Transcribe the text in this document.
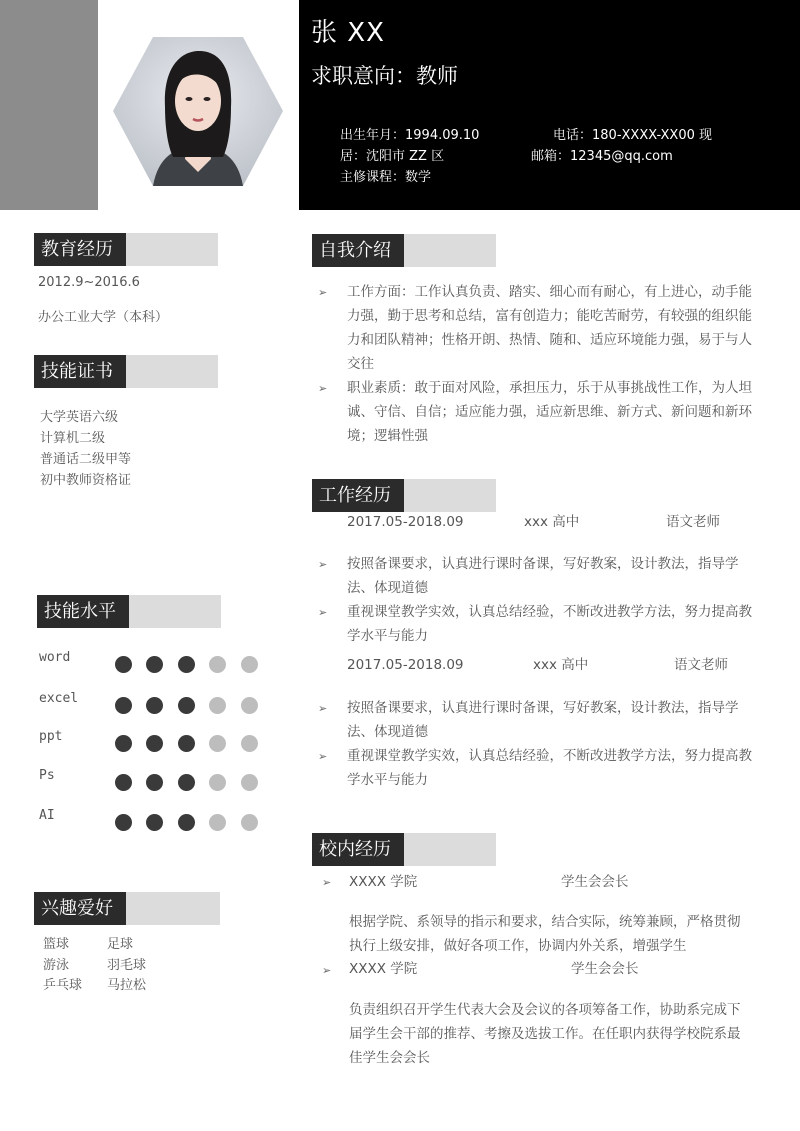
张 XX
求职意向：教师
出生年月：1994.09.10	电话：180-XXXX-XX00 现
居：沈阳市 ZZ 区	邮箱：12345@qq.com
主修课程：数学
教育经历
2012.9~2016.6
办公工业大学（本科）
技能证书
大学英语六级
计算机二级
普通话二级甲等
初中教师资格证
技能水平
word
excel
ppt
Ps
AI
兴趣爱好
篮球	足球
游泳	羽毛球
乒乓球 马拉松
自我介绍
➢ 工作方面：工作认真负责、踏实、细心而有耐心，有上进心，动手能力强，勤于思考和总结，富有创造力；能吃苦耐劳，有较强的组织能力和团队精神；性格开朗、热情、随和、适应环境能力强，易于与人交往
➢ 职业素质：敢于面对风险，承担压力，乐于从事挑战性工作，为人坦诚、守信、自信；适应能力强，适应新思维、新方式、新问题和新环境；逻辑性强
工作经历
2017.05-2018.09	xxx 高中	语文老师
➢ 按照备课要求，认真进行课时备课，写好教案，设计教法，指导学法、体现道德
➢ 重视课堂教学实效，认真总结经验，不断改进教学方法，努力提高教学水平与能力
2017.05-2018.09	xxx 高中	语文老师
➢ 按照备课要求，认真进行课时备课，写好教案，设计教法，指导学法、体现道德
➢ 重视课堂教学实效，认真总结经验，不断改进教学方法，努力提高教学水平与能力
校内经历
➢ XXXX 学院	学生会会长
根据学院、系领导的指示和要求，结合实际，统筹兼顾，严格贯彻执行上级安排，做好各项工作，协调内外关系，增强学生
➢ XXXX 学院	学生会会长
负责组织召开学生代表大会及会议的各项筹备工作，协助系完成下届学生会干部的推荐、考擦及选拔工作。在任职内获得学校院系最佳学生会会长
